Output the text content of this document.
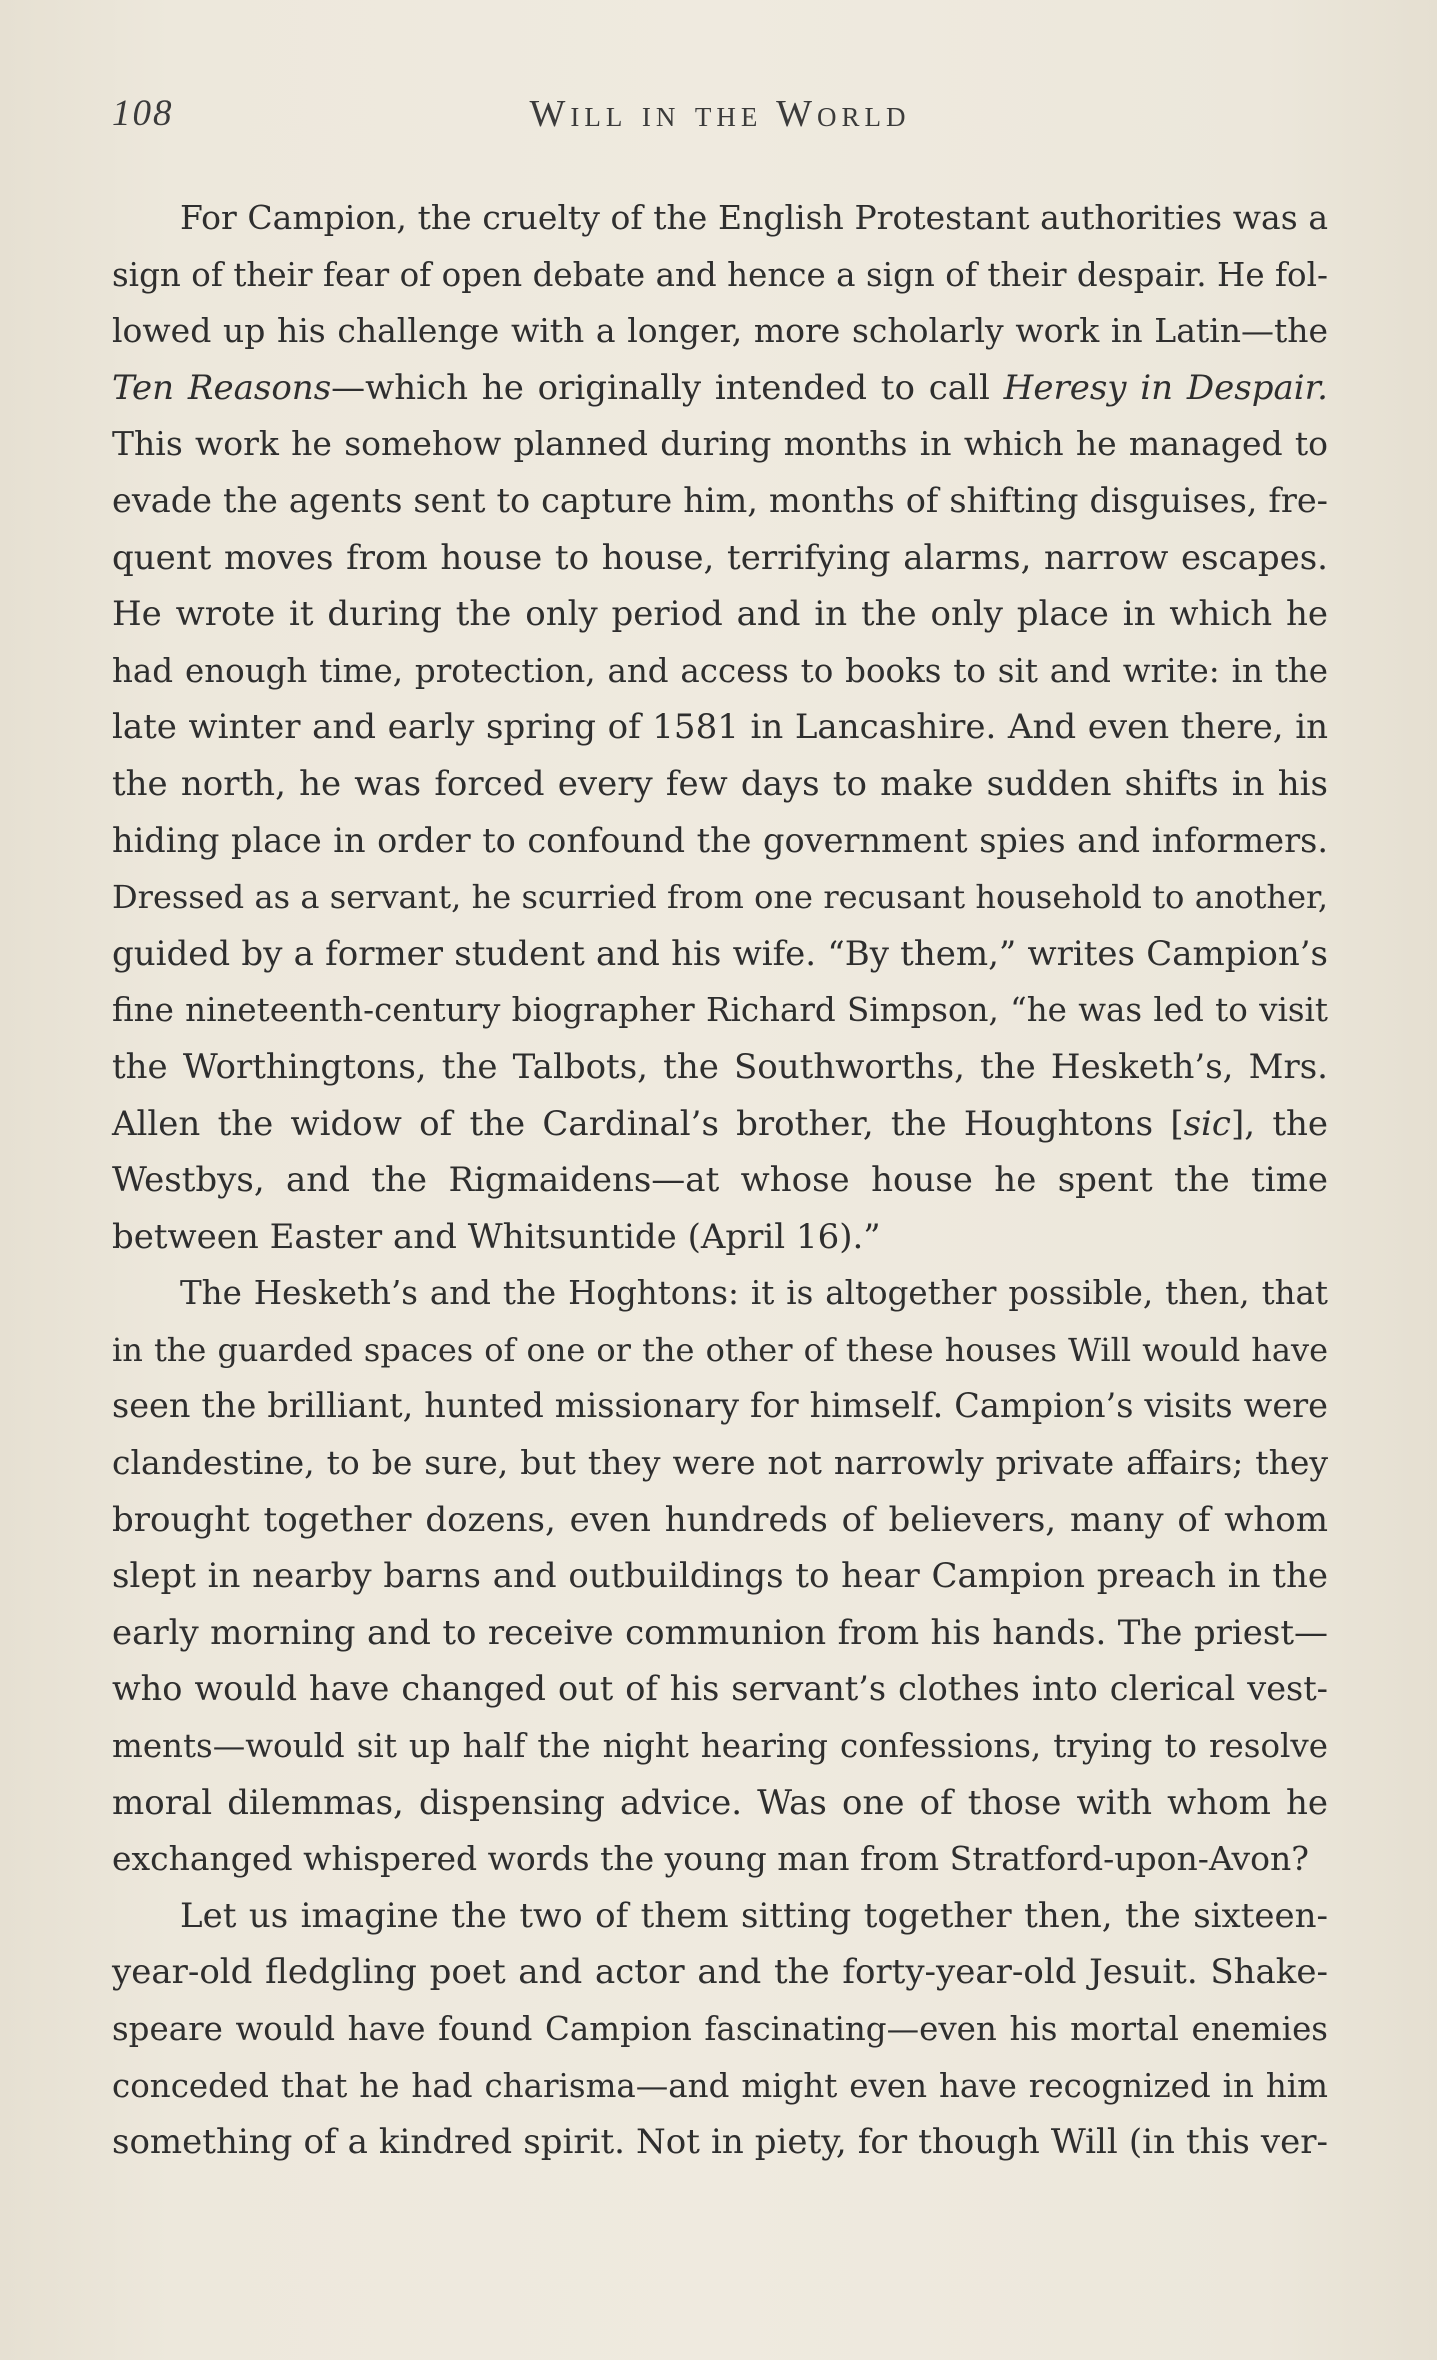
108	Will in the World
For Campion, the cruelty of the English Protestant authorities was a
sign of their fear of open debate and hence a sign of their despair. He fol-
lowed up his challenge with a longer, more scholarly work in Latin—the
Ten Reasons—which he originally intended to call Heresy in Despair.
This work he somehow planned during months in which he managed to
evade the agents sent to capture him, months of shifting disguises, fre-
quent moves from house to house, terrifying alarms, narrow escapes.
He wrote it during the only period and in the only place in which he
had enough time, protection, and access to books to sit and write: in the
late winter and early spring of 1581 in Lancashire. And even there, in
the north, he was forced every few days to make sudden shifts in his
hiding place in order to confound the government spies and informers.
Dressed as a servant, he scurried from one recusant household to another,
guided by a former student and his wife. “By them,” writes Campion’s
fine nineteenth-century biographer Richard Simpson, “he was led to visit
the Worthingtons, the Talbots, the Southworths, the Hesketh’s, Mrs.
Allen the widow of the Cardinal’s brother, the Houghtons [sic], the
Westbys, and the Rigmaidens—at whose house he spent the time
between Easter and Whitsuntide (April 16).”
The Hesketh’s and the Hoghtons: it is altogether possible, then, that
in the guarded spaces of one or the other of these houses Will would have
seen the brilliant, hunted missionary for himself. Campion’s visits were
clandestine, to be sure, but they were not narrowly private affairs; they
brought together dozens, even hundreds of believers, many of whom
slept in nearby barns and outbuildings to hear Campion preach in the
early morning and to receive communion from his hands. The priest—
who would have changed out of his servant’s clothes into clerical vest-
ments—would sit up half the night hearing confessions, trying to resolve
moral dilemmas, dispensing advice. Was one of those with whom he
exchanged whispered words the young man from Stratford-upon-Avon?
Let us imagine the two of them sitting together then, the sixteen-
year-old fledgling poet and actor and the forty-year-old Jesuit. Shake-
speare would have found Campion fascinating—even his mortal enemies
conceded that he had charisma—and might even have recognized in him
something of a kindred spirit. Not in piety, for though Will (in this ver-
